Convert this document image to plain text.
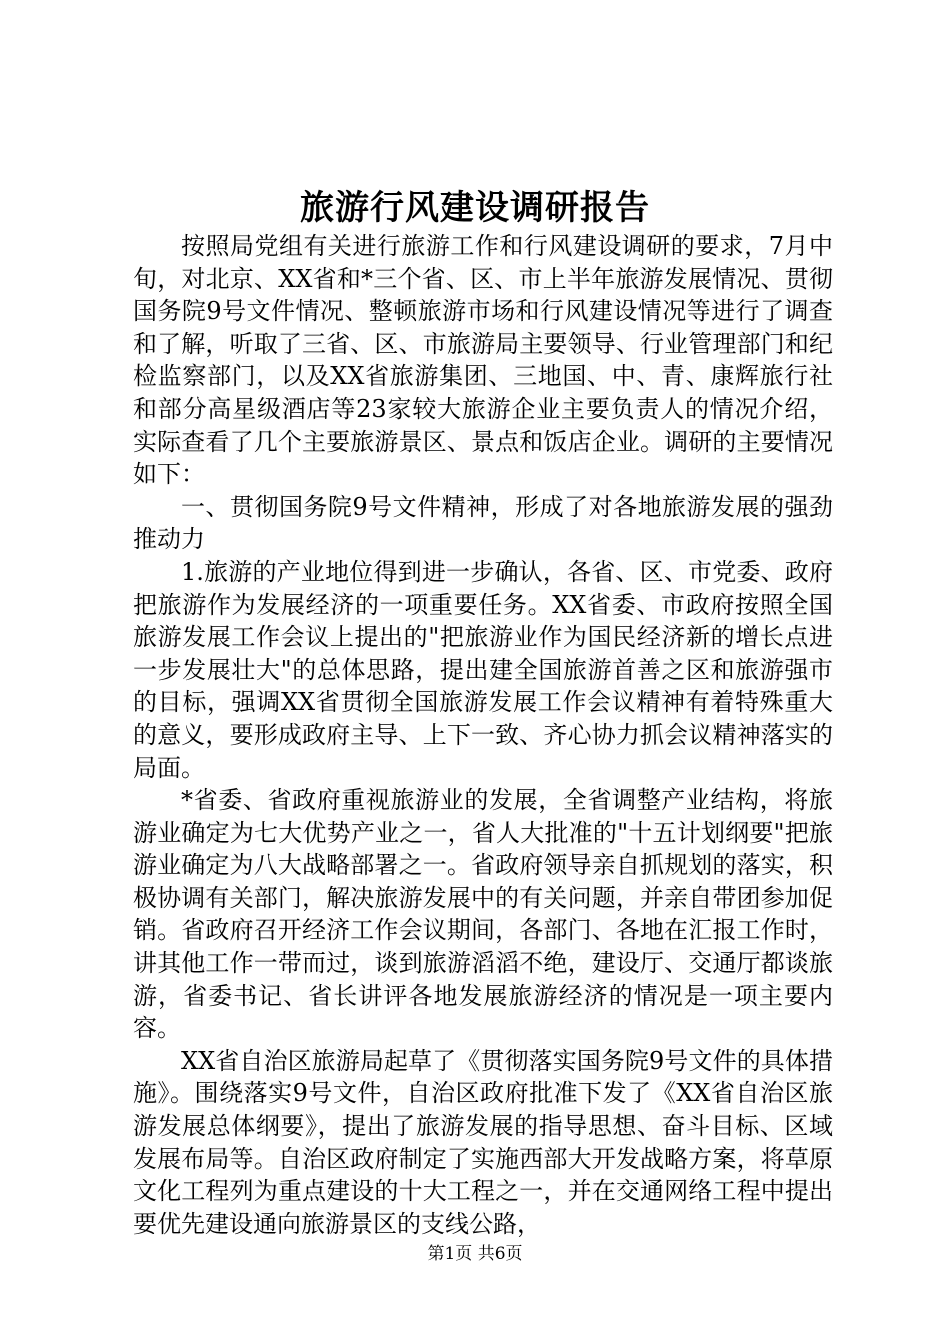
旅游行风建设调研报告

按照局党组有关进行旅游工作和行风建设调研的要求，7月中旬，对北京、XX省和*三个省、区、市上半年旅游发展情况、贯彻国务院9号文件情况、整顿旅游市场和行风建设情况等进行了调查和了解，听取了三省、区、市旅游局主要领导、行业管理部门和纪检监察部门，以及XX省旅游集团、三地国、中、青、康辉旅行社和部分高星级酒店等23家较大旅游企业主要负责人的情况介绍，实际查看了几个主要旅游景区、景点和饭店企业。调研的主要情况如下：

一、贯彻国务院9号文件精神，形成了对各地旅游发展的强劲推动力

1.旅游的产业地位得到进一步确认，各省、区、市党委、政府把旅游作为发展经济的一项重要任务。XX省委、市政府按照全国旅游发展工作会议上提出的"把旅游业作为国民经济新的增长点进一步发展壮大"的总体思路，提出建全国旅游首善之区和旅游强市的目标，强调XX省贯彻全国旅游发展工作会议精神有着特殊重大的意义，要形成政府主导、上下一致、齐心协力抓会议精神落实的局面。

*省委、省政府重视旅游业的发展，全省调整产业结构，将旅游业确定为七大优势产业之一，省人大批准的"十五计划纲要"把旅游业确定为八大战略部署之一。省政府领导亲自抓规划的落实，积极协调有关部门，解决旅游发展中的有关问题，并亲自带团参加促销。省政府召开经济工作会议期间，各部门、各地在汇报工作时，讲其他工作一带而过，谈到旅游滔滔不绝，建设厅、交通厅都谈旅游，省委书记、省长讲评各地发展旅游经济的情况是一项主要内容。

XX省自治区旅游局起草了《贯彻落实国务院9号文件的具体措施》。围绕落实9号文件，自治区政府批准下发了《XX省自治区旅游发展总体纲要》，提出了旅游发展的指导思想、奋斗目标、区域发展布局等。自治区政府制定了实施西部大开发战略方案，将草原文化工程列为重点建设的十大工程之一，并在交通网络工程中提出要优先建设通向旅游景区的支线公路，

第1页 共6页
